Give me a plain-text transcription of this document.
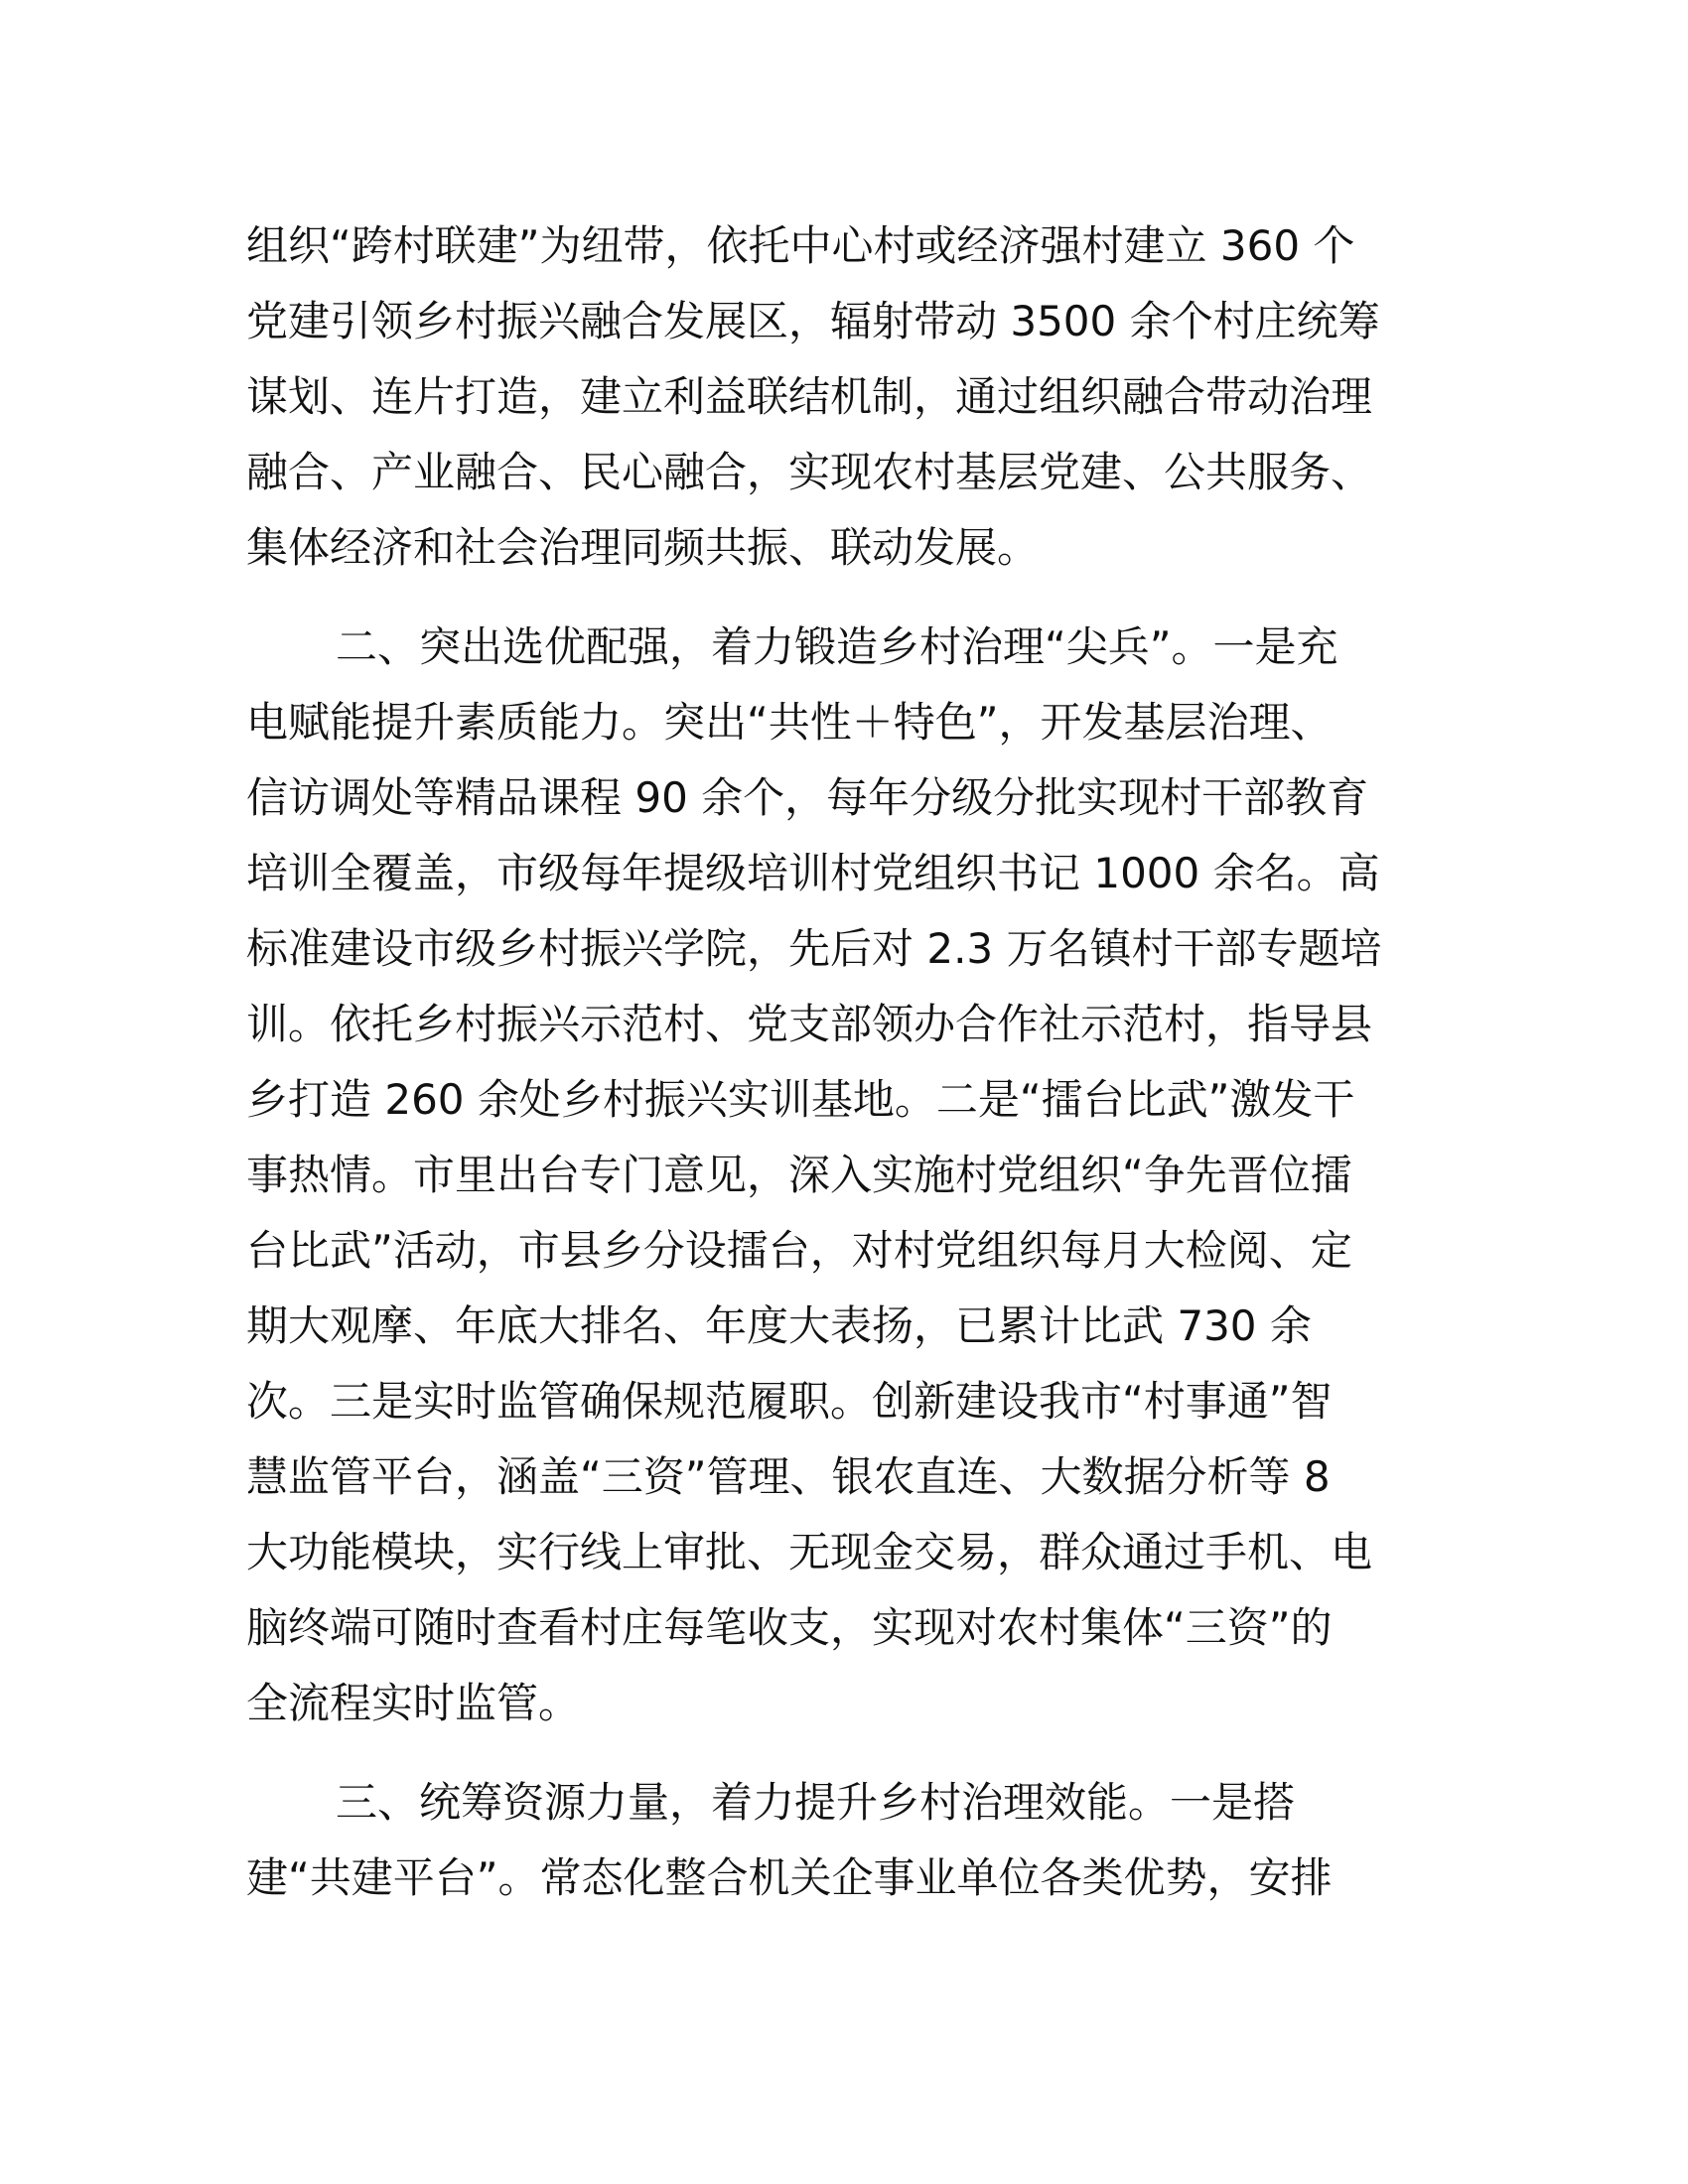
组织“跨村联建”为纽带，依托中心村或经济强村建立 360 个
党建引领乡村振兴融合发展区，辐射带动 3500 余个村庄统筹
谋划、连片打造，建立利益联结机制，通过组织融合带动治理
融合、产业融合、民心融合，实现农村基层党建、公共服务、
集体经济和社会治理同频共振、联动发展。

二、突出选优配强，着力锻造乡村治理“尖兵”。一是充
电赋能提升素质能力。突出“共性＋特色”，开发基层治理、
信访调处等精品课程 90 余个，每年分级分批实现村干部教育
培训全覆盖，市级每年提级培训村党组织书记 1000 余名。高
标准建设市级乡村振兴学院，先后对 2.3 万名镇村干部专题培
训。依托乡村振兴示范村、党支部领办合作社示范村，指导县
乡打造 260 余处乡村振兴实训基地。二是“擂台比武”激发干
事热情。市里出台专门意见，深入实施村党组织“争先晋位擂
台比武”活动，市县乡分设擂台，对村党组织每月大检阅、定
期大观摩、年底大排名、年度大表扬，已累计比武 730 余
次。三是实时监管确保规范履职。创新建设我市“村事通”智
慧监管平台，涵盖“三资”管理、银农直连、大数据分析等 8
大功能模块，实行线上审批、无现金交易，群众通过手机、电
脑终端可随时查看村庄每笔收支，实现对农村集体“三资”的
全流程实时监管。

三、统筹资源力量，着力提升乡村治理效能。一是搭
建“共建平台”。常态化整合机关企事业单位各类优势，安排
